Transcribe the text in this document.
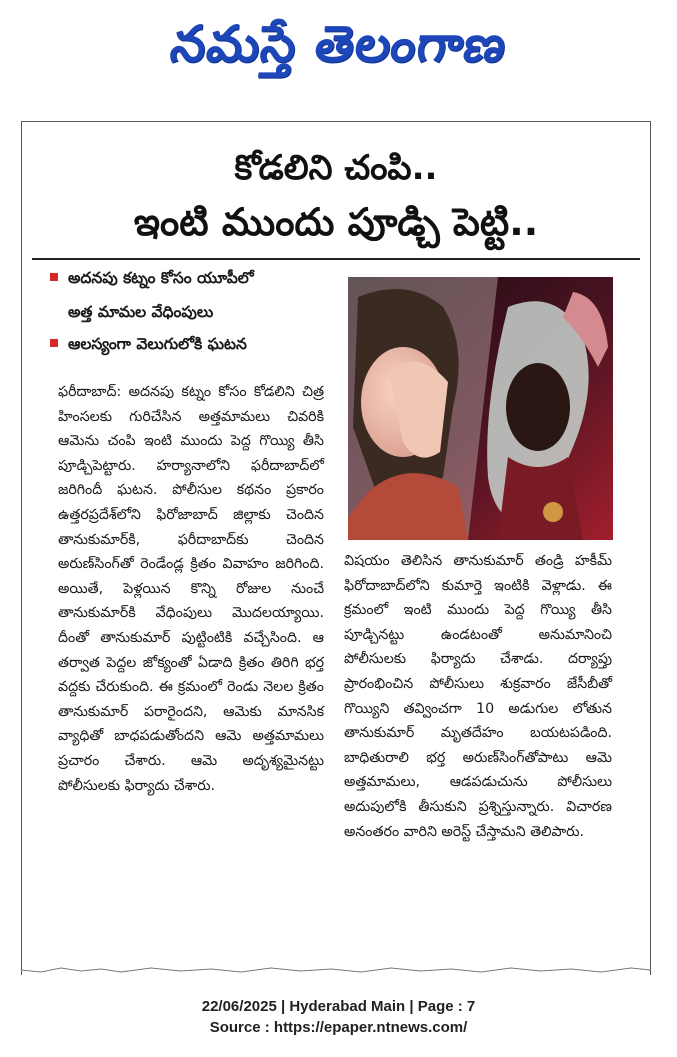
నమస్తే తెలంగాణ
కోడలిని చంపి..
ఇంటి ముందు పూడ్చి పెట్టి..
అదనపు కట్నం కోసం యూపీలో
అత్త మామల వేధింపులు
ఆలస్యంగా వెలుగులోకి ఘటన

ఫరీదాబాద్‌: అదనపు కట్నం కోసం కోడలిని చిత్ర హింసలకు గురిచేసిన అత్తమామలు చివరికి ఆమెను చంపి ఇంటి ముందు పెద్ద గొయ్యి తీసి పూడ్చిపెట్టారు. హర్యానాలోని ఫరీదాబాద్‌లో జరిగిందీ ఘటన. పోలీసుల కథనం ప్రకారం ఉత్తరప్రదేశ్‌లోని ఫిరోజాబాద్‌ జిల్లాకు చెందిన తానుకుమార్‌కి, ఫరీదాబాద్‌కు చెందిన అరుణ్‌సింగ్‌తో రెండేండ్ల క్రితం వివాహం జరిగింది. అయితే, పెళ్లయిన కొన్ని రోజుల నుంచే తానుకుమార్‌కి వేధింపులు మొదలయ్యాయి. దీంతో తానుకుమార్‌ పుట్టింటికి వచ్చేసింది. ఆ తర్వాత పెద్దల జోక్యంతో ఏడాది క్రితం తిరిగి భర్త వద్దకు చేరుకుంది. ఈ క్రమంలో రెండు నెలల క్రితం తానుకుమార్‌ పరారైందని, ఆమెకు మానసిక వ్యాధితో బాధపడుతోందని ఆమె అత్తమామలు ప్రచారం చేశారు. ఆమె అదృశ్యమైనట్టు పోలీసులకు ఫిర్యాదు చేశారు.

విషయం తెలిసిన తానుకుమార్‌ తండ్రి హకీమ్‌ ఫిరోదాబాద్‌లోని కుమార్తె ఇంటికి వెళ్లాడు. ఈ క్రమంలో ఇంటి ముందు పెద్ద గొయ్యి తీసి పూడ్చినట్టు ఉండటంతో అనుమానించి పోలీసులకు ఫిర్యాదు చేశాడు. దర్యాప్తు ప్రారంభించిన పోలీసులు శుక్రవారం జేసీబీతో గొయ్యిని తవ్వించగా 10 అడుగుల లోతున తానుకుమార్‌ మృతదేహం బయటపడింది. బాధితురాలి భర్త అరుణ్‌సింగ్‌తోపాటు ఆమె అత్తమామలు, ఆడపడుచును పోలీసులు అదుపులోకి తీసుకుని ప్రశ్నిస్తున్నారు. విచారణ అనంతరం వారిని అరెస్ట్‌ చేస్తామని తెలిపారు.

22/06/2025 | Hyderabad Main | Page : 7
Source : https://epaper.ntnews.com/
